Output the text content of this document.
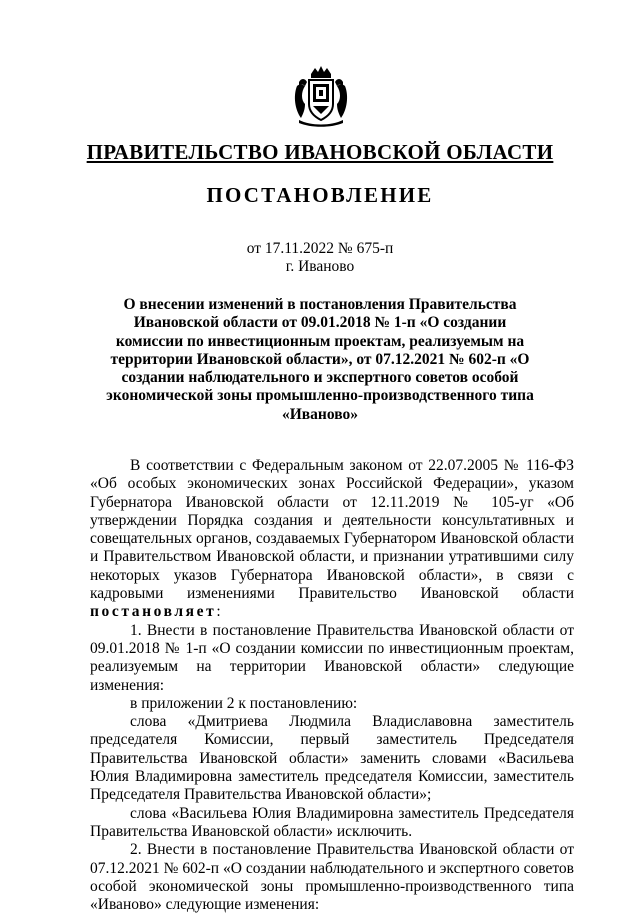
ПРАВИТЕЛЬСТВО ИВАНОВСКОЙ ОБЛАСТИ
ПОСТАНОВЛЕНИЕ
от 17.11.2022 № 675-п
г. Иваново
О внесении изменений в постановления Правительства Ивановской области от 09.01.2018 № 1-п «О создании комиссии по инвестиционным проектам, реализуемым на территории Ивановской области», от 07.12.2021 № 602-п «О создании наблюдательного и экспертного советов особой экономической зоны промышленно-производственного типа «Иваново»

В соответствии с Федеральным законом от 22.07.2005 № 116-ФЗ «Об особых экономических зонах Российской Федерации», указом Губернатора Ивановской области от 12.11.2019 № 105-уг «Об утверждении Порядка создания и деятельности консультативных и совещательных органов, создаваемых Губернатором Ивановской области и Правительством Ивановской области, и признании утратившими силу некоторых указов Губернатора Ивановской области», в связи с кадровыми изменениями Правительство Ивановской области постановляет:

1. Внести в постановление Правительства Ивановской области от 09.01.2018 № 1-п «О создании комиссии по инвестиционным проектам, реализуемым на территории Ивановской области» следующие изменения:

в приложении 2 к постановлению:

слова «Дмитриева Людмила Владиславовна заместитель председателя Комиссии, первый заместитель Председателя Правительства Ивановской области» заменить словами «Васильева Юлия Владимировна заместитель председателя Комиссии, заместитель Председателя Правительства Ивановской области»;

слова «Васильева Юлия Владимировна заместитель Председателя Правительства Ивановской области» исключить.

2. Внести в постановление Правительства Ивановской области от 07.12.2021 № 602-п «О создании наблюдательного и экспертного советов особой экономической зоны промышленно-производственного типа «Иваново» следующие изменения:
